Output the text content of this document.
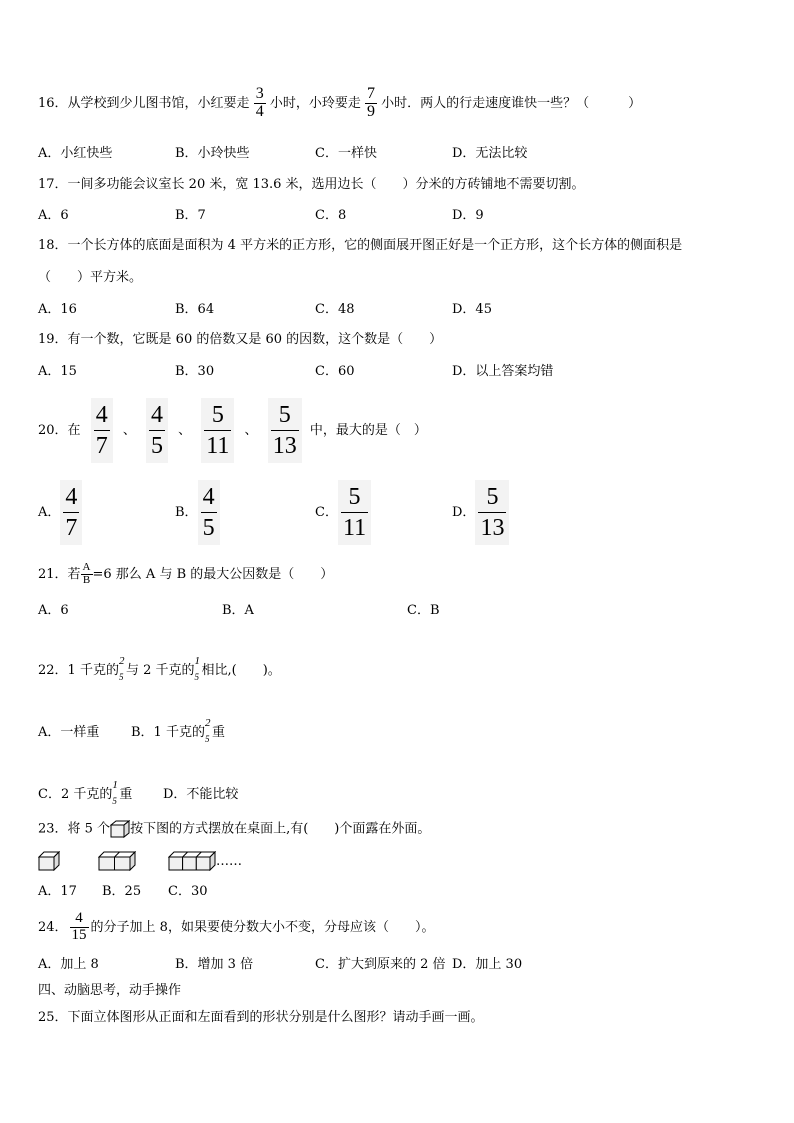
16．从学校到少儿图书馆，小红要走 $\frac{3}{4}$ 小时，小玲要走 $\frac{7}{9}$ 小时．两人的行走速度谁快一些？（　　　）
A．小红快些	B．小玲快些	C．一样快	D．无法比较
17．一间多功能会议室长 20 米，宽 13.6 米，选用边长（　　）分米的方砖铺地不需要切割。
A．6	B．7	C．8	D．9
18．一个长方体的底面是面积为 4 平方米的正方形，它的侧面展开图正好是一个正方形，这个长方体的侧面积是
（　　）平方米。
A．16	B．64	C．48	D．45
19．有一个数，它既是 60 的倍数又是 60 的因数，这个数是（　　）
A．15	B．30	C．60	D．以上答案均错
20．在 $\frac{4}{7}$ 、 $\frac{4}{5}$ 、 $\frac{5}{11}$ 、 $\frac{5}{13}$ 中，最大的是（　）
A． $\frac{4}{7}$	B． $\frac{4}{5}$	C． $\frac{5}{11}$	D． $\frac{5}{13}$
21．若 $\frac{A}{B} =6$ 那么 A 与 B 的最大公因数是（　　）
A．6	B．A	C．B
22．1 千克的
2
5 与 2 千克的
1
5 相比,(　　)。
A．一样重 B．1 千克的
2
5 重
C．2 千克的
1
5 重 D．不能比较
23．将 5 个 按下图的方式摆放在桌面上,有(　　)个面露在外面。
……
A．17 B．25 C．30
24． $\frac{4}{15}$ 的分子加上 8，如果要使分数大小不变，分母应该（　　）。
A．加上 8	B．增加 3 倍	C．扩大到原来的 2 倍 D．加上 30
四、动脑思考，动手操作
25．下面立体图形从正面和左面看到的形状分别是什么图形？请动手画一画。
